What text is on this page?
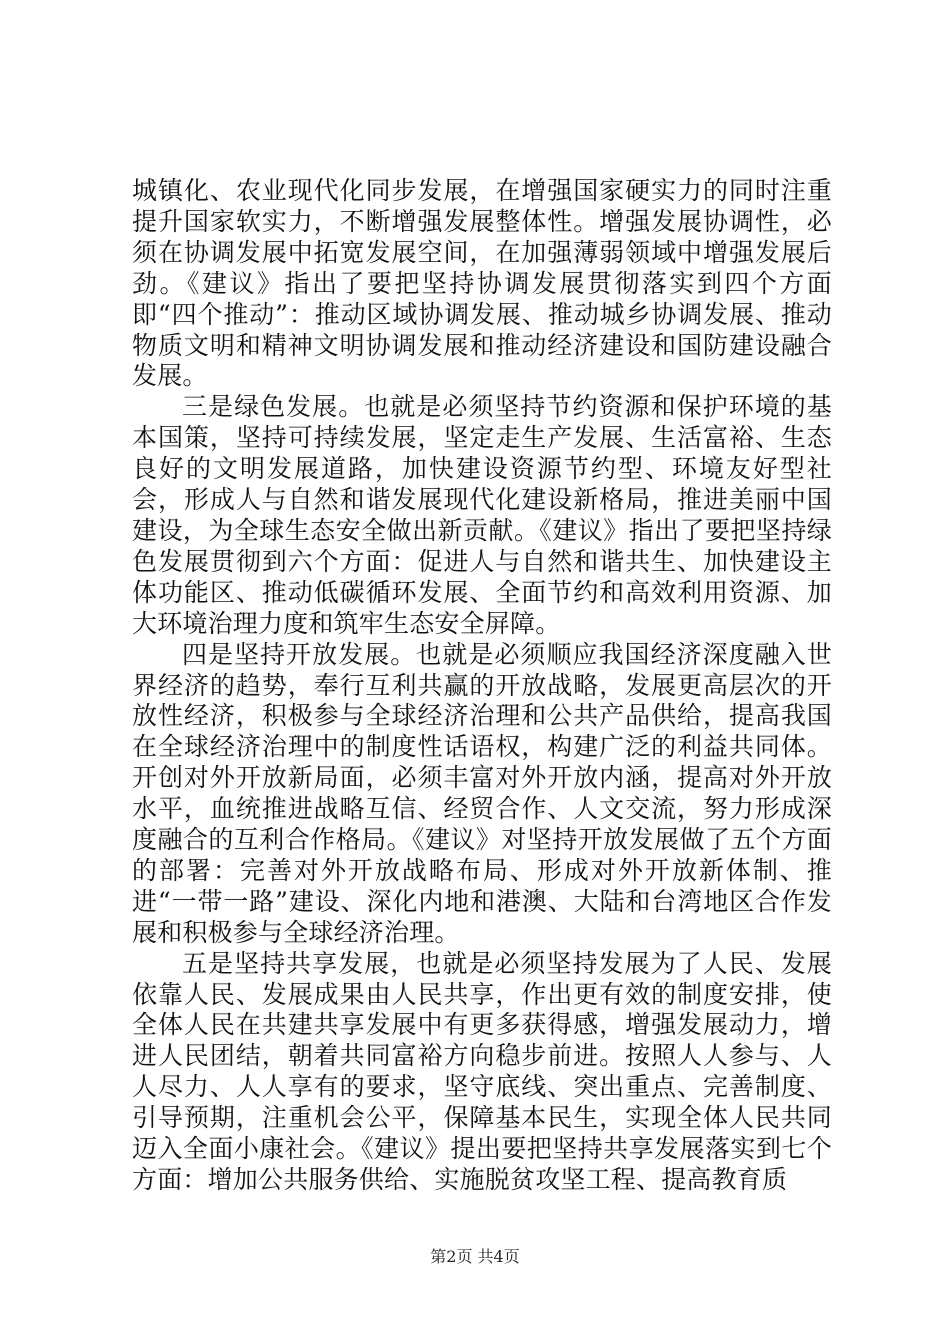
城镇化、农业现代化同步发展，在增强国家硬实力的同时注重提升国家软实力，不断增强发展整体性。增强发展协调性，必须在协调发展中拓宽发展空间，在加强薄弱领域中增强发展后劲。《建议》指出了要把坚持协调发展贯彻落实到四个方面即“四个推动”：推动区域协调发展、推动城乡协调发展、推动物质文明和精神文明协调发展和推动经济建设和国防建设融合发展。

三是绿色发展。也就是必须坚持节约资源和保护环境的基本国策，坚持可持续发展，坚定走生产发展、生活富裕、生态良好的文明发展道路，加快建设资源节约型、环境友好型社会，形成人与自然和谐发展现代化建设新格局，推进美丽中国建设，为全球生态安全做出新贡献。《建议》指出了要把坚持绿色发展贯彻到六个方面：促进人与自然和谐共生、加快建设主体功能区、推动低碳循环发展、全面节约和高效利用资源、加大环境治理力度和筑牢生态安全屏障。

四是坚持开放发展。也就是必须顺应我国经济深度融入世界经济的趋势，奉行互利共赢的开放战略，发展更高层次的开放性经济，积极参与全球经济治理和公共产品供给，提高我国在全球经济治理中的制度性话语权，构建广泛的利益共同体。开创对外开放新局面，必须丰富对外开放内涵，提高对外开放水平，血统推进战略互信、经贸合作、人文交流，努力形成深度融合的互利合作格局。《建议》对坚持开放发展做了五个方面的部署：完善对外开放战略布局、形成对外开放新体制、推进“一带一路”建设、深化内地和港澳、大陆和台湾地区合作发展和积极参与全球经济治理。

五是坚持共享发展，也就是必须坚持发展为了人民、发展依靠人民、发展成果由人民共享，作出更有效的制度安排，使全体人民在共建共享发展中有更多获得感，增强发展动力，增进人民团结，朝着共同富裕方向稳步前进。按照人人参与、人人尽力、人人享有的要求，坚守底线、突出重点、完善制度、引导预期，注重机会公平，保障基本民生，实现全体人民共同迈入全面小康社会。《建议》提出要把坚持共享发展落实到七个方面：增加公共服务供给、实施脱贫攻坚工程、提高教育质

第2页 共4页
